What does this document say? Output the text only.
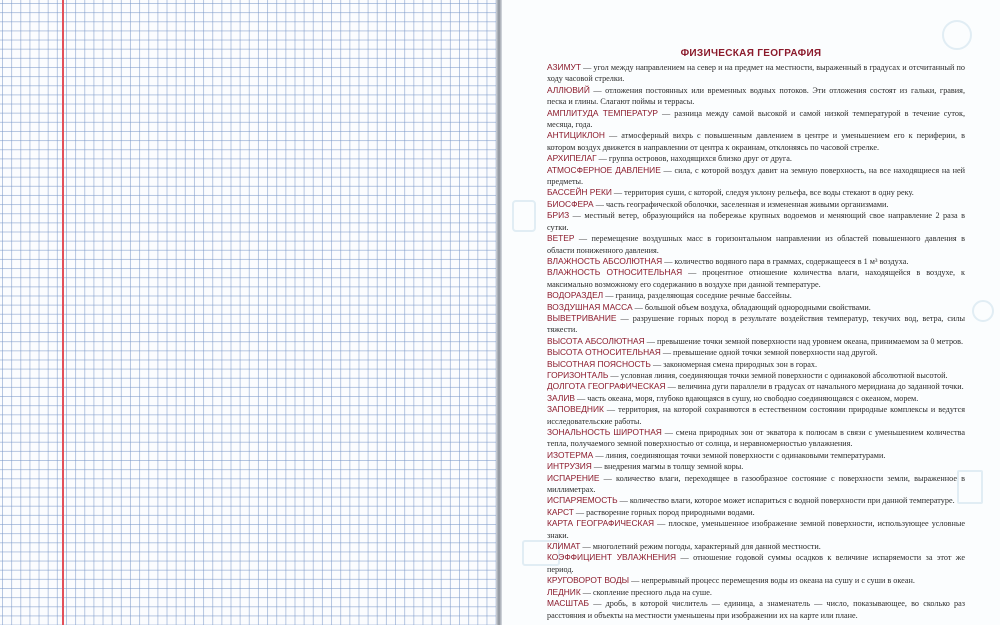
ФИЗИЧЕСКАЯ ГЕОГРАФИЯ
АЗИМУТ — угол между направлением на север и на предмет на местности, выраженный в градусах и отсчитанный по ходу часовой стрелки.
АЛЛЮВИЙ — отложения постоянных или временных водных потоков. Эти отложения состоят из гальки, гравия, песка и глины. Слагают поймы и террасы.
АМПЛИТУДА ТЕМПЕРАТУР — разница между самой высокой и самой низкой температурой в течение суток, месяца, года.
АНТИЦИКЛОН — атмосферный вихрь с повышенным давлением в центре и уменьшением его к периферии, в котором воздух движется в направлении от центра к окраинам, отклоняясь по часовой стрелке.
АРХИПЕЛАГ — группа островов, находящихся близко друг от друга.
АТМОСФЕРНОЕ ДАВЛЕНИЕ — сила, с которой воздух давит на земную поверхность, на все находящиеся на ней предметы.
БАССЕЙН РЕКИ — территория суши, с которой, следуя уклону рельефа, все воды стекают в одну реку.
БИОСФЕРА — часть географической оболочки, заселенная и измененная живыми организмами.
БРИЗ — местный ветер, образующийся на побережье крупных водоемов и меняющий свое направление 2 раза в сутки.
ВЕТЕР — перемещение воздушных масс в горизонтальном направлении из областей повышенного давления в области пониженного давления.
ВЛАЖНОСТЬ АБСОЛЮТНАЯ — количество водяного пара в граммах, содержащееся в 1 м³ воздуха.
ВЛАЖНОСТЬ ОТНОСИТЕЛЬНАЯ — процентное отношение количества влаги, находящейся в воздухе, к максимально возможному его содержанию в воздухе при данной температуре.
ВОДОРАЗДЕЛ — граница, разделяющая соседние речные бассейны.
ВОЗДУШНАЯ МАССА — большой объем воздуха, обладающий однородными свойствами.
ВЫВЕТРИВАНИЕ — разрушение горных пород в результате воздействия температур, текучих вод, ветра, силы тяжести.
ВЫСОТА АБСОЛЮТНАЯ — превышение точки земной поверхности над уровнем океана, принимаемом за 0 метров.
ВЫСОТА ОТНОСИТЕЛЬНАЯ — превышение одной точки земной поверхности над другой.
ВЫСОТНАЯ ПОЯСНОСТЬ — закономерная смена природных зон в горах.
ГОРИЗОНТАЛЬ — условная линия, соединяющая точки земной поверхности с одинаковой абсолютной высотой.
ДОЛГОТА ГЕОГРАФИЧЕСКАЯ — величина дуги параллели в градусах от начального меридиана до заданной точки.
ЗАЛИВ — часть океана, моря, глубоко вдающаяся в сушу, но свободно соединяющаяся с океаном, морем.
ЗАПОВЕДНИК — территория, на которой сохраняются в естественном состоянии природные комплексы и ведутся исследовательские работы.
ЗОНАЛЬНОСТЬ ШИРОТНАЯ — смена природных зон от экватора к полюсам в связи с уменьшением количества тепла, получаемого земной поверхностью от солнца, и неравномерностью увлажнения.
ИЗОТЕРМА — линия, соединяющая точки земной поверхности с одинаковыми температурами.
ИНТРУЗИЯ — внедрения магмы в толщу земной коры.
ИСПАРЕНИЕ — количество влаги, переходящее в газообразное состояние с поверхности земли, выраженное в миллиметрах.
ИСПАРЯЕМОСТЬ — количество влаги, которое может испариться с водной поверхности при данной температуре.
КАРСТ — растворение горных пород природными водами.
КАРТА ГЕОГРАФИЧЕСКАЯ — плоское, уменьшенное изображение земной поверхности, использующее условные знаки.
КЛИМАТ — многолетний режим погоды, характерный для данной местности.
КОЭФФИЦИЕНТ УВЛАЖНЕНИЯ — отношение годовой суммы осадков к величине испаряемости за этот же период.
КРУГОВОРОТ ВОДЫ — непрерывный процесс перемещения воды из океана на сушу и с суши в океан.
ЛЕДНИК — скопление пресного льда на суше.
МАСШТАБ — дробь, в которой числитель — единица, а знаменатель — число, показывающее, во сколько раз расстояния и объекты на местности уменьшены при изображении их на карте или плане.
